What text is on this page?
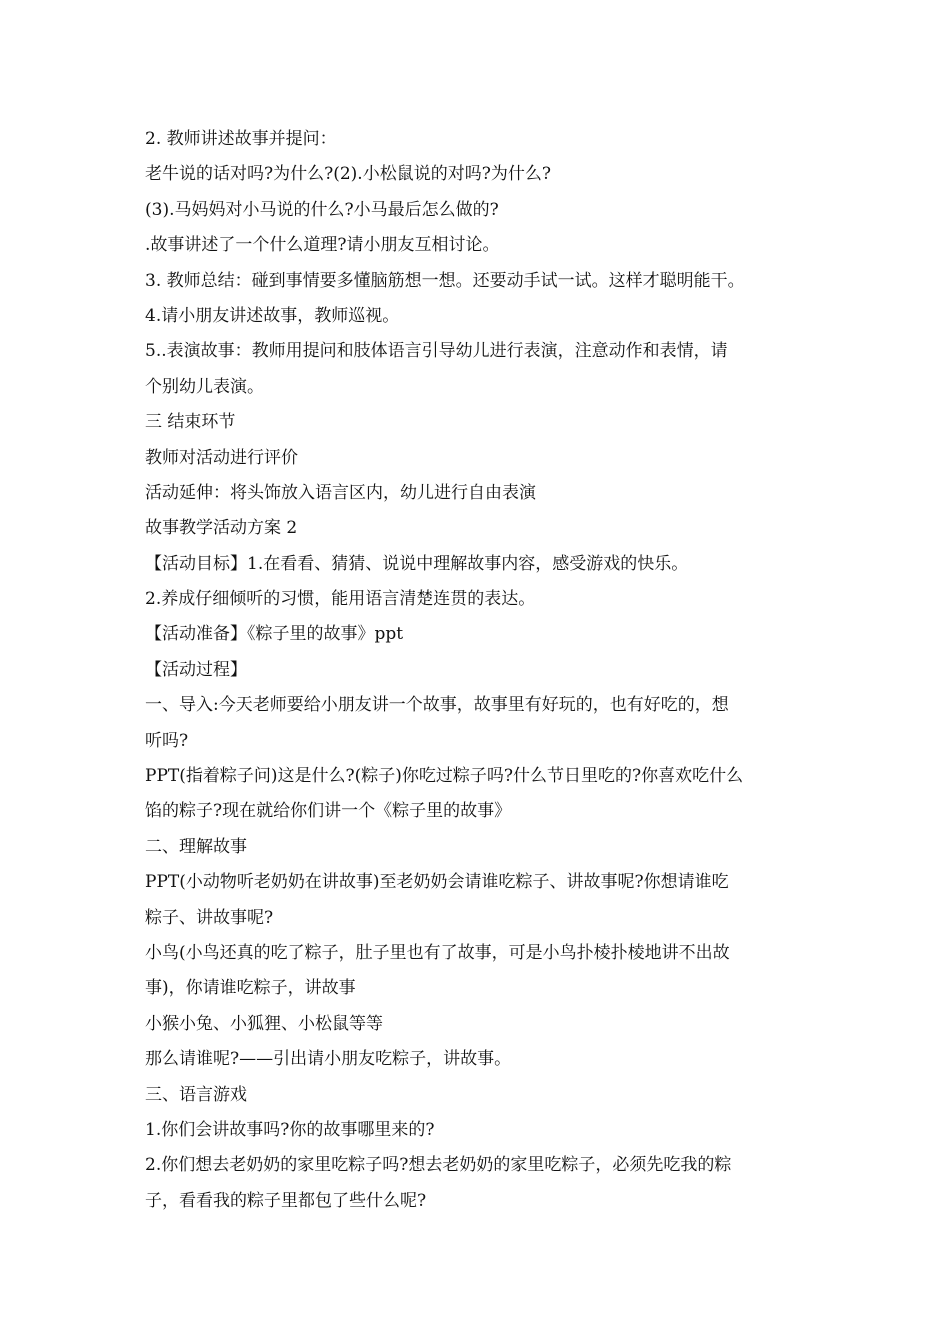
2. 教师讲述故事并提问：
老牛说的话对吗?为什么?(2).小松鼠说的对吗?为什么?
(3).马妈妈对小马说的什么?小马最后怎么做的?
.故事讲述了一个什么道理?请小朋友互相讨论。
3. 教师总结：碰到事情要多懂脑筋想一想。还要动手试一试。这样才聪明能干。
4.请小朋友讲述故事，教师巡视。
5..表演故事：教师用提问和肢体语言引导幼儿进行表演，注意动作和表情，请
个别幼儿表演。
三 结束环节
教师对活动进行评价
活动延伸：将头饰放入语言区内，幼儿进行自由表演
故事教学活动方案 2
【活动目标】1.在看看、猜猜、说说中理解故事内容，感受游戏的快乐。
2.养成仔细倾听的习惯，能用语言清楚连贯的表达。
【活动准备】《粽子里的故事》ppt
【活动过程】
一、导入:今天老师要给小朋友讲一个故事，故事里有好玩的，也有好吃的，想
听吗?
PPT(指着粽子问)这是什么?(粽子)你吃过粽子吗?什么节日里吃的?你喜欢吃什么
馅的粽子?现在就给你们讲一个《粽子里的故事》
二、理解故事
PPT(小动物听老奶奶在讲故事)至老奶奶会请谁吃粽子、讲故事呢?你想请谁吃
粽子、讲故事呢?
小鸟(小鸟还真的吃了粽子，肚子里也有了故事，可是小鸟扑棱扑棱地讲不出故
事)，你请谁吃粽子，讲故事
小猴小兔、小狐狸、小松鼠等等
那么请谁呢?——引出请小朋友吃粽子，讲故事。
三、语言游戏
1.你们会讲故事吗?你的故事哪里来的?
2.你们想去老奶奶的家里吃粽子吗?想去老奶奶的家里吃粽子，必须先吃我的粽
子，看看我的粽子里都包了些什么呢?
